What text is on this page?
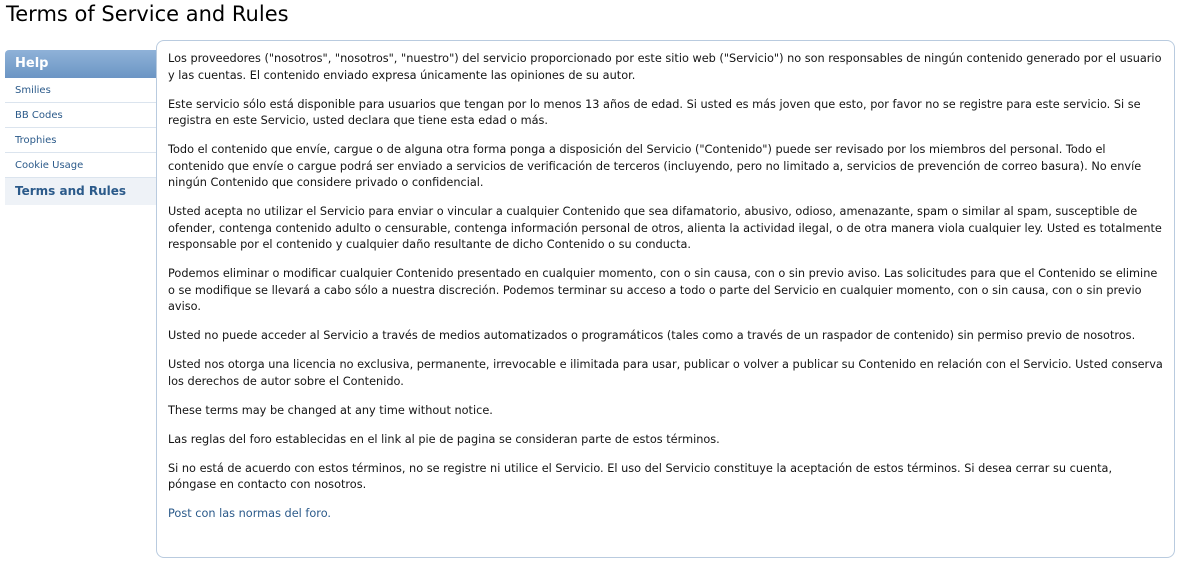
Terms of Service and Rules
Help
Smilies
BB Codes
Trophies
Cookie Usage
Terms and Rules

Los proveedores ("nosotros", "nosotros", "nuestro") del servicio proporcionado por este sitio web ("Servicio") no son responsables de ningún contenido generado por el usuario y las cuentas. El contenido enviado expresa únicamente las opiniones de su autor.

Este servicio sólo está disponible para usuarios que tengan por lo menos 13 años de edad. Si usted es más joven que esto, por favor no se registre para este servicio. Si se registra en este Servicio, usted declara que tiene esta edad o más.

Todo el contenido que envíe, cargue o de alguna otra forma ponga a disposición del Servicio ("Contenido") puede ser revisado por los miembros del personal. Todo el contenido que envíe o cargue podrá ser enviado a servicios de verificación de terceros (incluyendo, pero no limitado a, servicios de prevención de correo basura). No envíe ningún Contenido que considere privado o confidencial.

Usted acepta no utilizar el Servicio para enviar o vincular a cualquier Contenido que sea difamatorio, abusivo, odioso, amenazante, spam o similar al spam, susceptible de ofender, contenga contenido adulto o censurable, contenga información personal de otros, alienta la actividad ilegal, o de otra manera viola cualquier ley. Usted es totalmente responsable por el contenido y cualquier daño resultante de dicho Contenido o su conducta.

Podemos eliminar o modificar cualquier Contenido presentado en cualquier momento, con o sin causa, con o sin previo aviso. Las solicitudes para que el Contenido se elimine o se modifique se llevará a cabo sólo a nuestra discreción. Podemos terminar su acceso a todo o parte del Servicio en cualquier momento, con o sin causa, con o sin previo aviso.

Usted no puede acceder al Servicio a través de medios automatizados o programáticos (tales como a través de un raspador de contenido) sin permiso previo de nosotros.

Usted nos otorga una licencia no exclusiva, permanente, irrevocable e ilimitada para usar, publicar o volver a publicar su Contenido en relación con el Servicio. Usted conserva los derechos de autor sobre el Contenido.

These terms may be changed at any time without notice.

Las reglas del foro establecidas en el link al pie de pagina se consideran parte de estos términos.

Si no está de acuerdo con estos términos, no se registre ni utilice el Servicio. El uso del Servicio constituye la aceptación de estos términos. Si desea cerrar su cuenta, póngase en contacto con nosotros.

Post con las normas del foro.
